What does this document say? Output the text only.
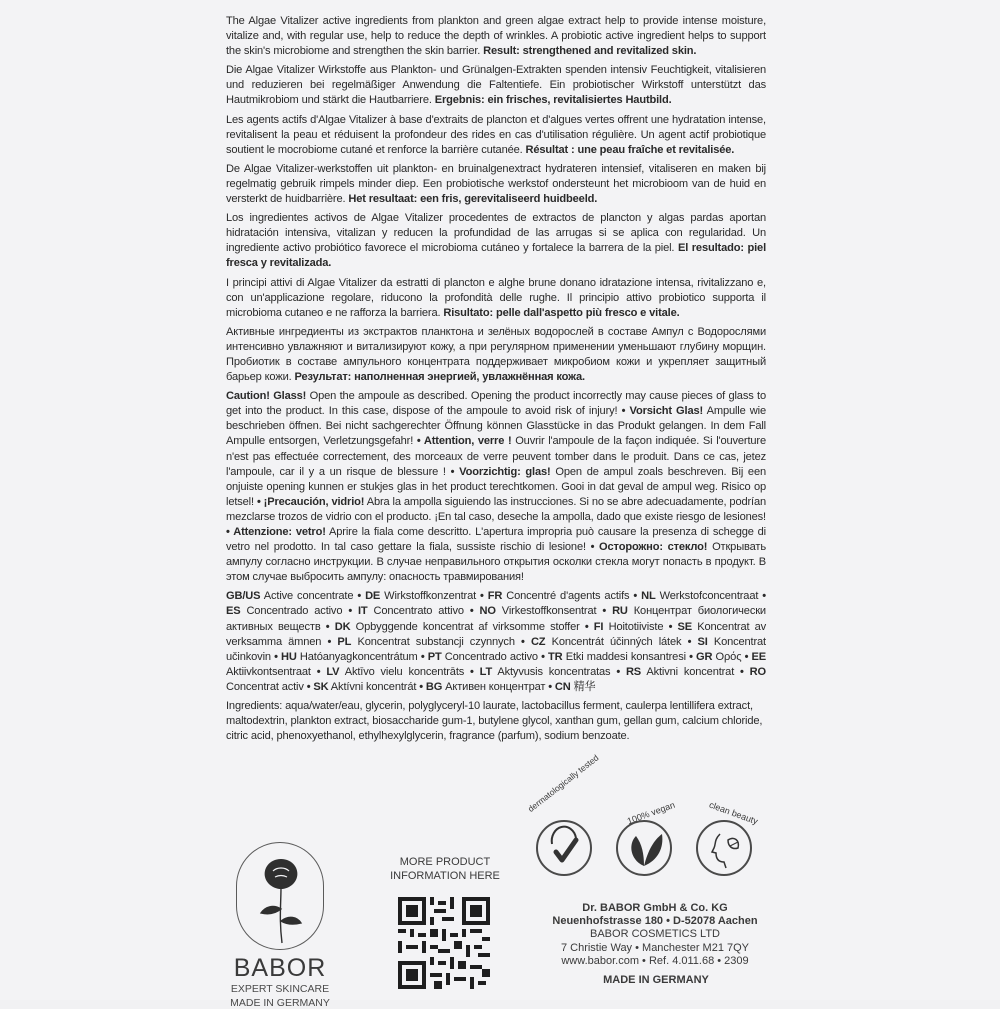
The Algae Vitalizer active ingredients from plankton and green algae extract help to provide intense moisture, vitalize and, with regular use, help to reduce the depth of wrinkles. A probiotic active ingredient helps to support the skin's microbiome and strengthen the skin barrier. Result: strengthened and revitalized skin.

Die Algae Vitalizer Wirkstoffe aus Plankton- und Grünalgen-Extrakten spenden intensiv Feuchtigkeit, vitalisieren und reduzieren bei regelmäßiger Anwendung die Faltentiefe. Ein probiotischer Wirkstoff unterstützt das Hautmikrobiom und stärkt die Hautbarriere. Ergebnis: ein frisches, revitalisiertes Hautbild.

Les agents actifs d'Algae Vitalizer à base d'extraits de plancton et d'algues vertes offrent une hydratation intense, revitalisent la peau et réduisent la profondeur des rides en cas d'utilisation régulière. Un agent actif probiotique soutient le mocrobiome cutané et renforce la barrière cutanée. Résultat : une peau fraîche et revitalisée.

De Algae Vitalizer-werkstoffen uit plankton- en bruinalgenextract hydrateren intensief, vitaliseren en maken bij regelmatig gebruik rimpels minder diep. Een probiotische werkstof ondersteunt het microbioom van de huid en versterkt de huidbarrière. Het resultaat: een fris, gerevitaliseerd huidbeeld.

Los ingredientes activos de Algae Vitalizer procedentes de extractos de plancton y algas pardas aportan hidratación intensiva, vitalizan y reducen la profundidad de las arrugas si se aplica con regularidad. Un ingrediente activo probiótico favorece el microbioma cutáneo y fortalece la barrera de la piel. El resultado: piel fresca y revitalizada.

I principi attivi di Algae Vitalizer da estratti di plancton e alghe brune donano idratazione intensa, rivitalizzano e, con un'applicazione regolare, riducono la profondità delle rughe. Il principio attivo probiotico supporta il microbioma cutaneo e ne rafforza la barriera. Risultato: pelle dall'aspetto più fresco e vitale.

Активные ингредиенты из экстрактов планктона и зелёных водорослей в составе Ампул с Водорослями интенсивно увлажняют и витализируют кожу, а при регулярном применении уменьшают глубину морщин. Пробиотик в составе ампульного концентрата поддерживает микробиом кожи и укрепляет защитный барьер кожи. Результат: наполненная энергией, увлажнённая кожа.

Caution! Glass! Open the ampoule as described. Opening the product incorrectly may cause pieces of glass to get into the product. In this case, dispose of the ampoule to avoid risk of injury! • Vorsicht Glas! Ampulle wie beschrieben öffnen. Bei nicht sachgerechter Öffnung können Glasstücke in das Produkt gelangen. In dem Fall Ampulle entsorgen, Verletzungsgefahr! • Attention, verre ! Ouvrir l'ampoule de la façon indiquée. Si l'ouverture n'est pas effectuée correctement, des morceaux de verre peuvent tomber dans le produit. Dans ce cas, jetez l'ampoule, car il y a un risque de blessure ! • Voorzichtig: glas! Open de ampul zoals beschreven. Bij een onjuiste opening kunnen er stukjes glas in het product terechtkomen. Gooi in dat geval de ampul weg. Risico op letsel! • ¡Precaución, vidrio! Abra la ampolla siguiendo las instrucciones. Si no se abre adecuadamente, podrían mezclarse trozos de vidrio con el producto. ¡En tal caso, deseche la ampolla, dado que existe riesgo de lesiones! • Attenzione: vetro! Aprire la fiala come descritto. L'apertura impropria può causare la presenza di schegge di vetro nel prodotto. In tal caso gettare la fiala, sussiste rischio di lesione! • Осторожно: стекло! Открывать ампулу согласно инструкции. В случае неправильного открытия осколки стекла могут попасть в продукт. В этом случае выбросить ампулу: опасность травмирования!

GB/US Active concentrate • DE Wirkstoffkonzentrat • FR Concentré d'agents actifs • NL Werkstofconcentraat • ES Concentrado activo • IT Concentrato attivo • NO Virkestoffkonsentrat • RU Концентрат биологически активных веществ • DK Opbyggende koncentrat af virksomme stoffer • FI Hoitotiiviste • SE Koncentrat av verksamma ämnen • PL Koncentrat substancji czynnych • CZ Koncentrát účinných látek • SI Koncentrat učinkovin • HU Hatóanyagkoncentrátum • PT Concentrado activo • TR Etki maddesi konsantresi • GR Ορός • EE Aktiivkontsentraat • LV Aktīvo vielu koncentrāts • LT Aktyvusis koncentratas • RS Aktivni koncentrat • RO Concentrat activ • SK Aktívni koncentrát • BG Активен концентрат • CN 精华

Ingredients: aqua/water/eau, glycerin, polyglyceryl-10 laurate, lactobacillus ferment, caulerpa lentillifera extract, maltodextrin, plankton extract, biosaccharide gum-1, butylene glycol, xanthan gum, gellan gum, calcium chloride, citric acid, phenoxyethanol, ethylhexylglycerin, fragrance (parfum), sodium benzoate.

BABOR
EXPERT SKINCARE
MADE IN GERMANY
MORE PRODUCT
INFORMATION HERE
dermatologically tested	100% vegan	clean beauty
Dr. BABOR GmbH & Co. KG
Neuenhofstrasse 180 • D-52078 Aachen
BABOR COSMETICS LTD
7 Christie Way • Manchester M21 7QY
www.babor.com • Ref. 4.011.68 • 2309
MADE IN GERMANY
